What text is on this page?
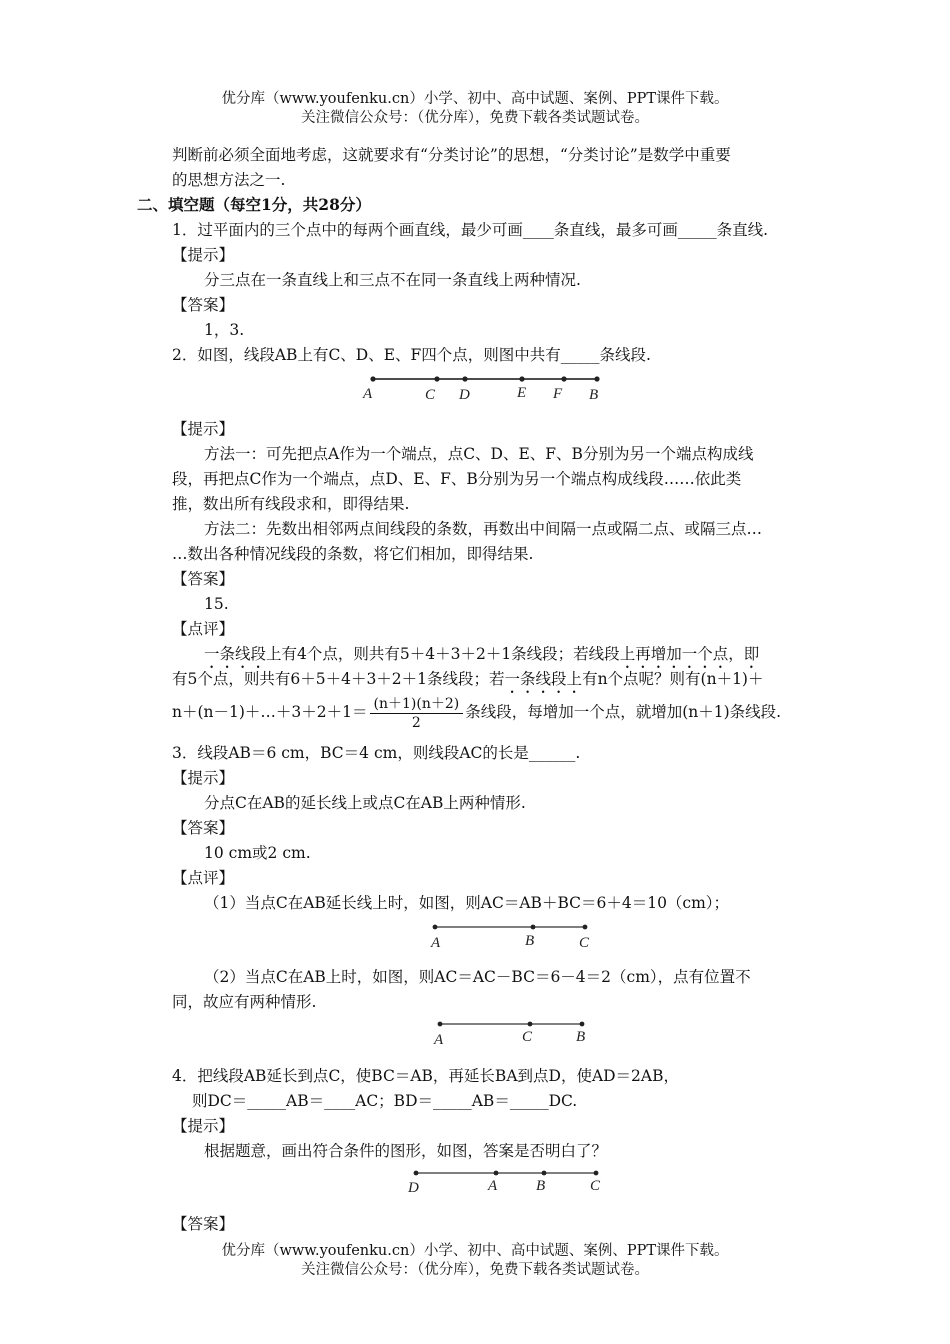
优分库（www.youfenku.cn）小学、初中、高中试题、案例、PPT课件下载。
关注微信公众号：（优分库），免费下载各类试题试卷。
判断前必须全面地考虑，这就要求有“分类讨论”的思想，“分类讨论”是数学中重要
的思想方法之一.
二、填空题（每空1分，共28分）
1．过平面内的三个点中的每两个画直线，最少可画____条直线，最多可画_____条直线.
【提示】
分三点在一条直线上和三点不在同一条直线上两种情况.
【答案】
1，3.
2．如图，线段AB上有C、D、E、F四个点，则图中共有_____条线段.
A	C D	E F B
【提示】
方法一：可先把点A作为一个端点，点C、D、E、F、B分别为另一个端点构成线
段，再把点C作为一个端点，点D、E、F、B分别为另一个端点构成线段……依此类
推，数出所有线段求和，即得结果.
方法二：先数出相邻两点间线段的条数，再数出中间隔一点或隔二点、或隔三点…
…数出各种情况线段的条数，将它们相加，即得结果.
【答案】
15.
【点评】
一条线段上有4个点，则共有5＋4＋3＋2＋1条线段；若线段上再增加一个点，即
有5个点，则共有6＋5＋4＋3＋2＋1条线段；若一条线段上有n个点呢？则有(n＋1)＋
n＋(n－1)＋…＋3＋2＋1＝ $\frac{(n+1)(n+2)}{2}$ 条线段，每增加一个点，就增加(n＋1)条线段.
3．线段AB＝6 cm，BC＝4 cm，则线段AC的长是______.
【提示】
分点C在AB的延长线上或点C在AB上两种情形.
【答案】
10 cm或2 cm.
【点评】
（1）当点C在AB延长线上时，如图，则AC＝AB＋BC＝6＋4＝10（cm）；
A	B	C
（2）当点C在AB上时，如图，则AC＝AC－BC＝6－4＝2（cm），点有位置不
同，故应有两种情形.
A	C	B
4．把线段AB延长到点C，使BC＝AB，再延长BA到点D，使AD＝2AB，
则DC＝_____AB＝____AC；BD＝_____AB＝_____DC.
【提示】
根据题意，画出符合条件的图形，如图，答案是否明白了？
D	A	B	C
【答案】
优分库（www.youfenku.cn）小学、初中、高中试题、案例、PPT课件下载。
关注微信公众号：（优分库），免费下载各类试题试卷。
